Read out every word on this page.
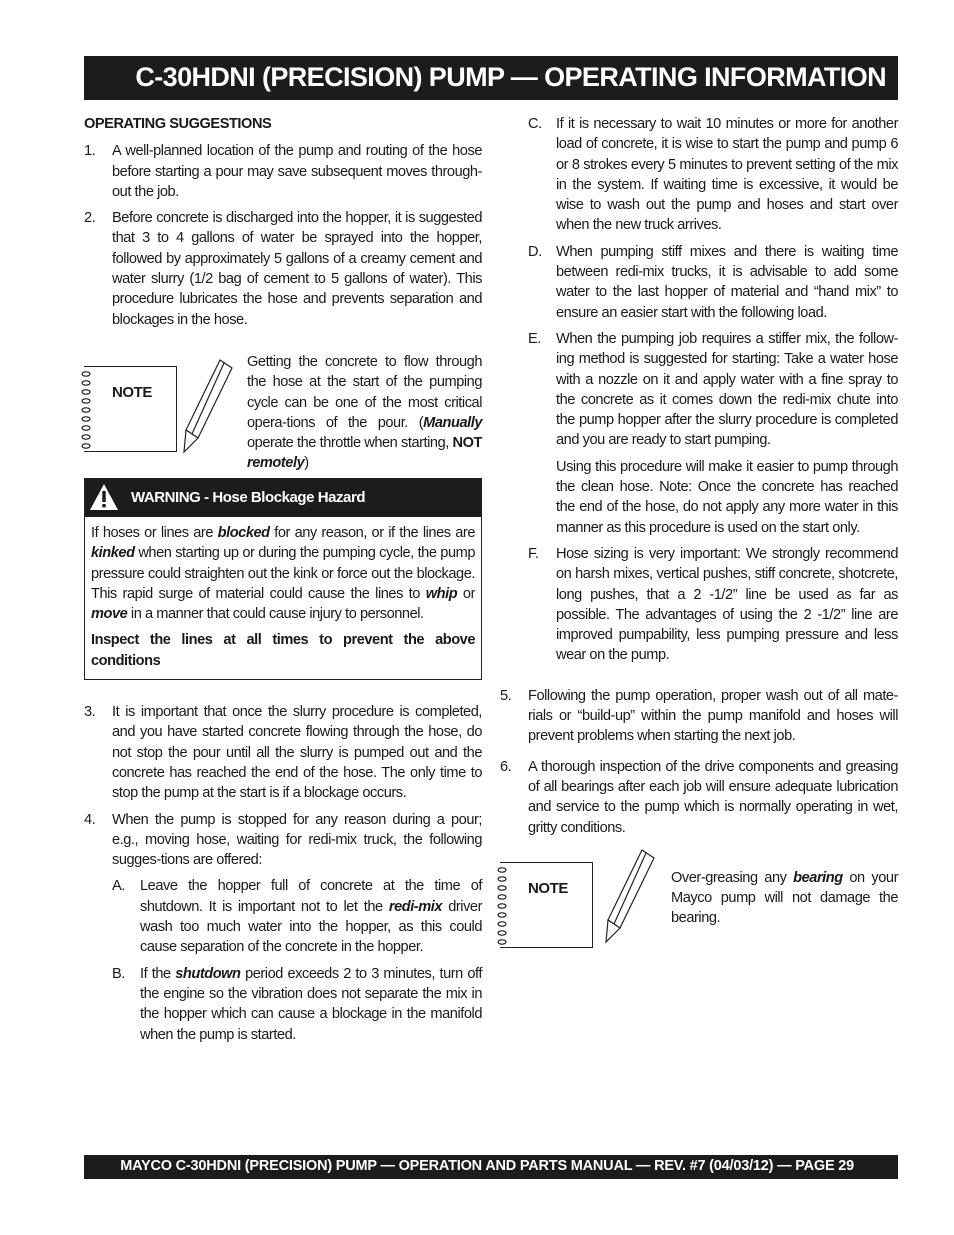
C-30HDNI (PRECISION) PUMP — OPERATING INFORMATION
OPERATING SUGGESTIONS
1. A well-planned location of the pump and routing of the hose before starting a pour may save subsequent moves through-out the job.
2. Before concrete is discharged into the hopper, it is suggested that 3 to 4 gallons of water be sprayed into the hopper, followed by approximately 5 gallons of a creamy cement and water slurry (1/2 bag of cement to 5 gallons of water). This procedure lubricates the hose and prevents separation and blockages in the hose.
NOTE
Getting the concrete to flow through the hose at the start of the pumping cycle can be one of the most critical opera-tions of the pour. (Manually operate the throttle when starting, NOT remotely)
WARNING - Hose Blockage Hazard
If hoses or lines are blocked for any reason, or if the lines are kinked when starting up or during the pumping cycle, the pump pressure could straighten out the kink or force out the blockage. This rapid surge of material could cause the lines to whip or move in a manner that could cause injury to personnel.
Inspect the lines at all times to prevent the above conditions
3. It is important that once the slurry procedure is completed, and you have started concrete flowing through the hose, do not stop the pour until all the slurry is pumped out and the concrete has reached the end of the hose. The only time to stop the pump at the start is if a blockage occurs.
4. When the pump is stopped for any reason during a pour; e.g., moving hose, waiting for redi-mix truck, the following sugges-tions are offered:
A. Leave the hopper full of concrete at the time of shutdown. It is important not to let the redi-mix driver wash too much water into the hopper, as this could cause separation of the concrete in the hopper.
B. If the shutdown period exceeds 2 to 3 minutes, turn off the engine so the vibration does not separate the mix in the hopper which can cause a blockage in the manifold when the pump is started.
C. If it is necessary to wait 10 minutes or more for another load of concrete, it is wise to start the pump and pump 6 or 8 strokes every 5 minutes to prevent setting of the mix in the system. If waiting time is excessive, it would be wise to wash out the pump and hoses and start over when the new truck arrives.
D. When pumping stiff mixes and there is waiting time between redi-mix trucks, it is advisable to add some water to the last hopper of material and “hand mix” to ensure an easier start with the following load.
E. When the pumping job requires a stiffer mix, the follow-ing method is suggested for starting: Take a water hose with a nozzle on it and apply water with a fine spray to the concrete as it comes down the redi-mix chute into the pump hopper after the slurry procedure is completed and you are ready to start pumping.
Using this procedure will make it easier to pump through the clean hose. Note: Once the concrete has reached the end of the hose, do not apply any more water in this manner as this procedure is used on the start only.
F. Hose sizing is very important: We strongly recommend on harsh mixes, vertical pushes, stiff concrete, shotcrete, long pushes, that a 2 -1/2” line be used as far as possible. The advantages of using the 2 -1/2” line are improved pumpability, less pumping pressure and less wear on the pump.
5. Following the pump operation, proper wash out of all mate-rials or “build-up” within the pump manifold and hoses will prevent problems when starting the next job.
6. A thorough inspection of the drive components and greasing of all bearings after each job will ensure adequate lubrication and service to the pump which is normally operating in wet, gritty conditions.
NOTE
Over-greasing any bearing on your Mayco pump will not damage the bearing.
MAYCO C-30HDNI (PRECISION) PUMP — OPERATION AND PARTS MANUAL — REV. #7 (04/03/12) — PAGE 29
